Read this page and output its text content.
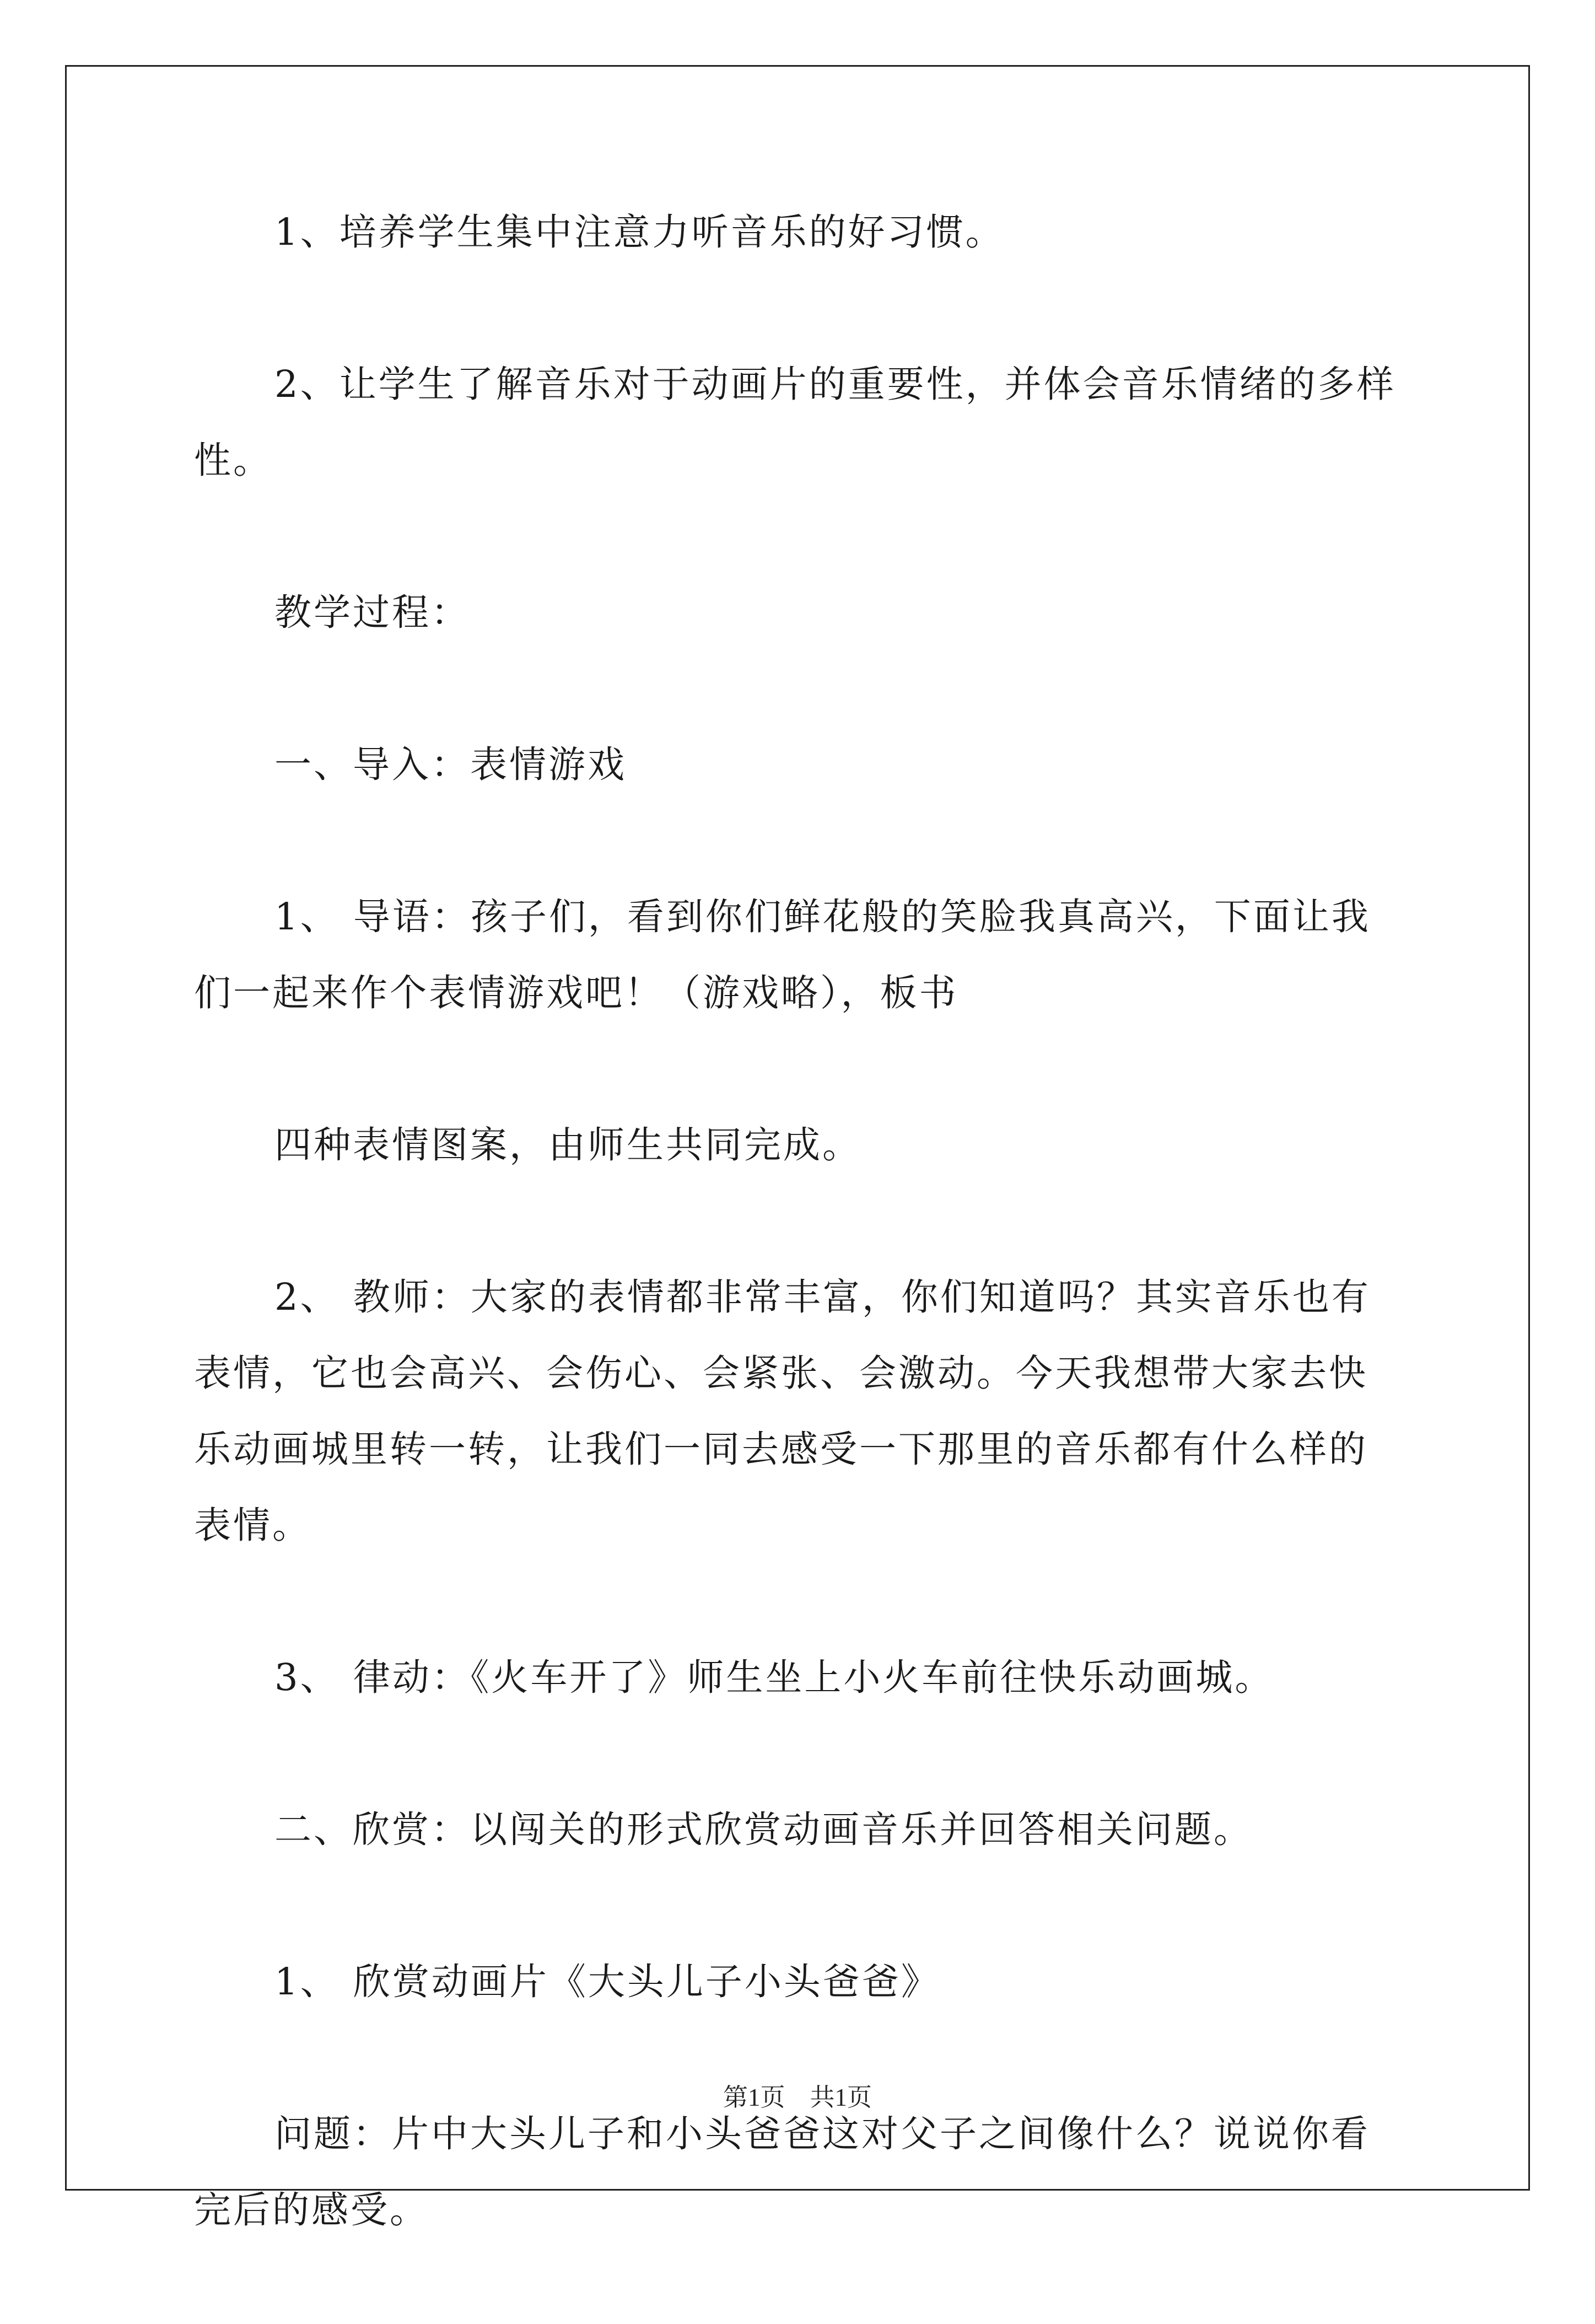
1、培养学生集中注意力听音乐的好习惯。

2、让学生了解音乐对于动画片的重要性，并体会音乐情绪的多样性。

教学过程：

一、导入：表情游戏

1、 导语：孩子们，看到你们鲜花般的笑脸我真高兴，下面让我们一起来作个表情游戏吧！（游戏略），板书

四种表情图案，由师生共同完成。

2、 教师：大家的表情都非常丰富，你们知道吗？其实音乐也有表情，它也会高兴、会伤心、会紧张、会激动。今天我想带大家去快乐动画城里转一转，让我们一同去感受一下那里的音乐都有什么样的表情。

3、 律动：《火车开了》师生坐上小火车前往快乐动画城。

二、欣赏：以闯关的形式欣赏动画音乐并回答相关问题。

1、 欣赏动画片《大头儿子小头爸爸》

问题：片中大头儿子和小头爸爸这对父子之间像什么？说说你看完后的感受。

第1页　共1页
